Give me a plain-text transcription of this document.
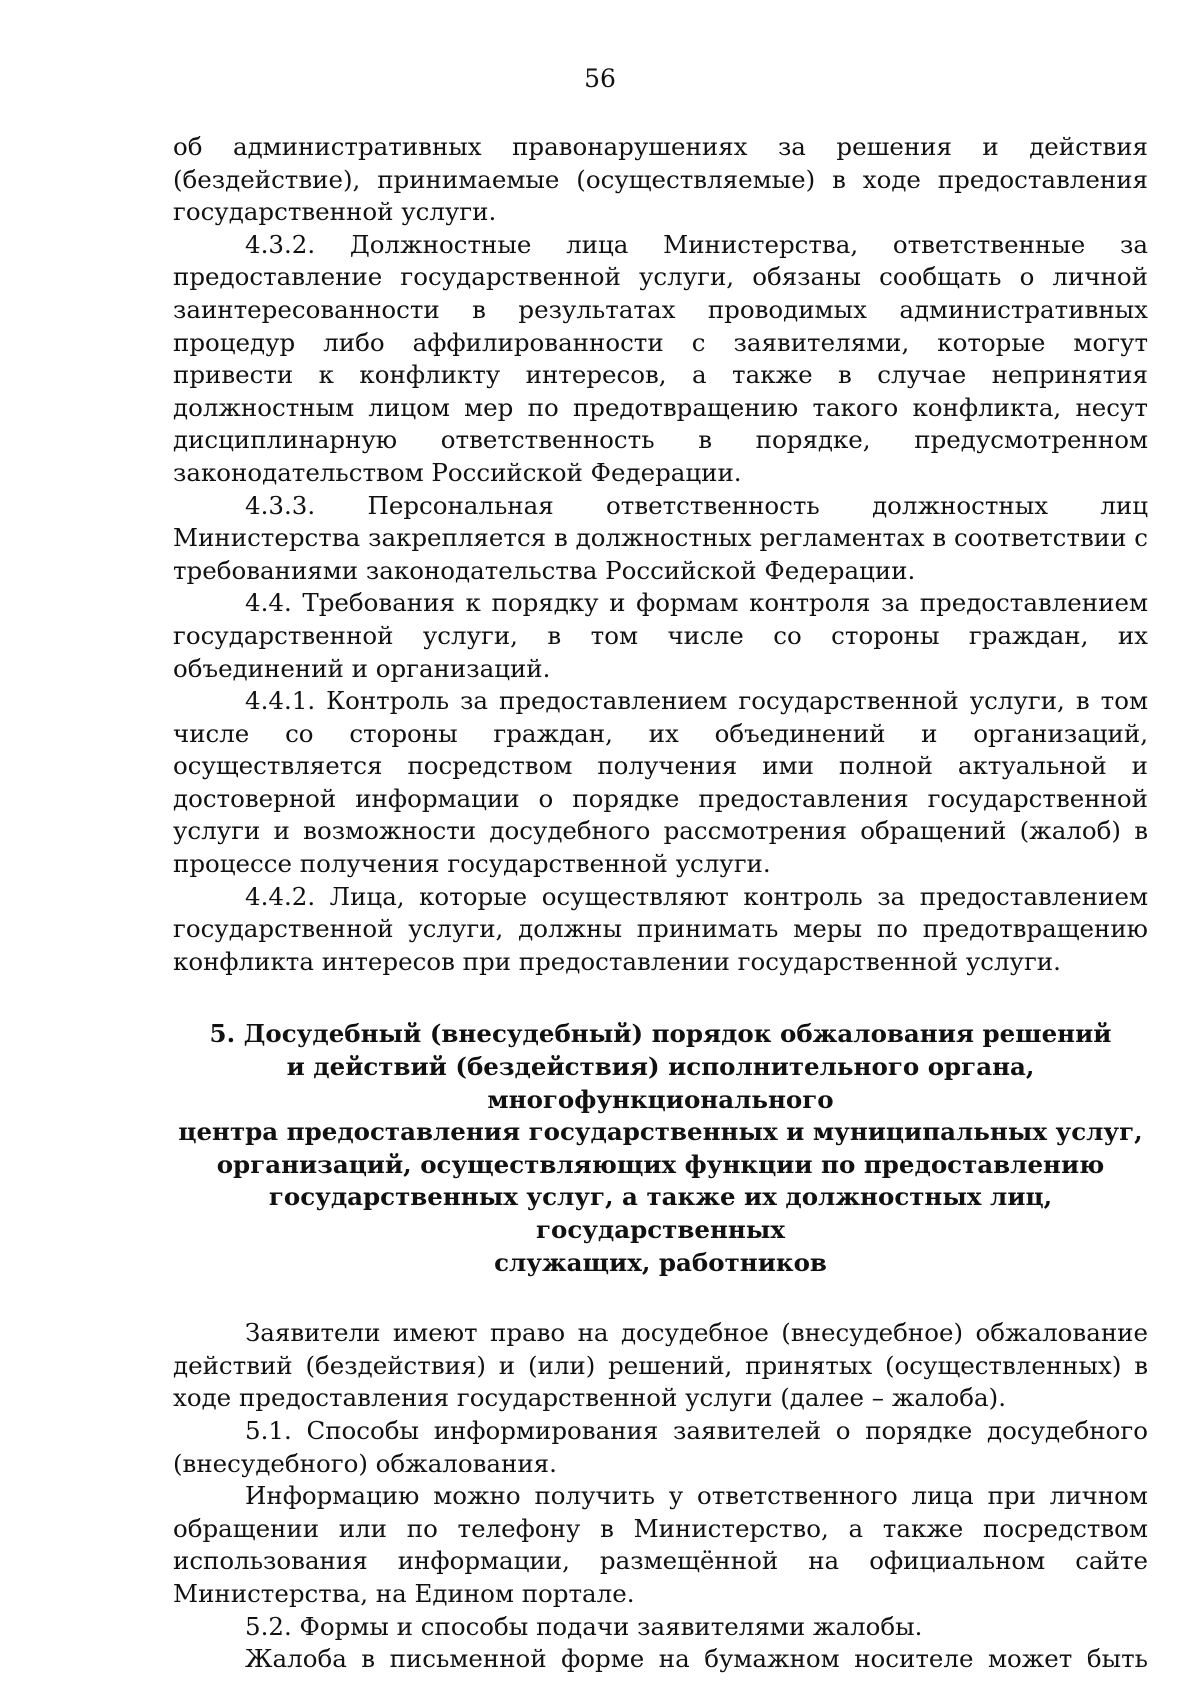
56

об административных правонарушениях за решения и действия (бездействие), принимаемые (осуществляемые) в ходе предоставления государственной услуги.

4.3.2. Должностные лица Министерства, ответственные за предоставление государственной услуги, обязаны сообщать о личной заинтересованности в результатах проводимых административных процедур либо аффилированности с заявителями, которые могут привести к конфликту интересов, а также в случае непринятия должностным лицом мер по предотвращению такого конфликта, несут дисциплинарную ответственность в порядке, предусмотренном законодательством Российской Федерации.

4.3.3. Персональная ответственность должностных лиц Министерства закрепляется в должностных регламентах в соответствии с требованиями законодательства Российской Федерации.

4.4. Требования к порядку и формам контроля за предоставлением государственной услуги, в том числе со стороны граждан, их объединений и организаций.

4.4.1. Контроль за предоставлением государственной услуги, в том числе со стороны граждан, их объединений и организаций, осуществляется посредством получения ими полной актуальной и достоверной информации о порядке предоставления государственной услуги и возможности досудебного рассмотрения обращений (жалоб) в процессе получения государственной услуги.

4.4.2. Лица, которые осуществляют контроль за предоставлением государственной услуги, должны принимать меры по предотвращению конфликта интересов при предоставлении государственной услуги.

5. Досудебный (внесудебный) порядок обжалования решений
и действий (бездействия) исполнительного органа, многофункционального
центра предоставления государственных и муниципальных услуг,
организаций, осуществляющих функции по предоставлению
государственных услуг, а также их должностных лиц, государственных
служащих, работников

Заявители имеют право на досудебное (внесудебное) обжалование действий (бездействия) и (или) решений, принятых (осуществленных) в ходе предоставления государственной услуги (далее – жалоба).

5.1. Способы информирования заявителей о порядке досудебного (внесудебного) обжалования.

Информацию можно получить у ответственного лица при личном обращении или по телефону в Министерство, а также посредством использования информации, размещённой на официальном сайте Министерства, на Едином портале.

5.2. Формы и способы подачи заявителями жалобы.

Жалоба в письменной форме на бумажном носителе может быть
